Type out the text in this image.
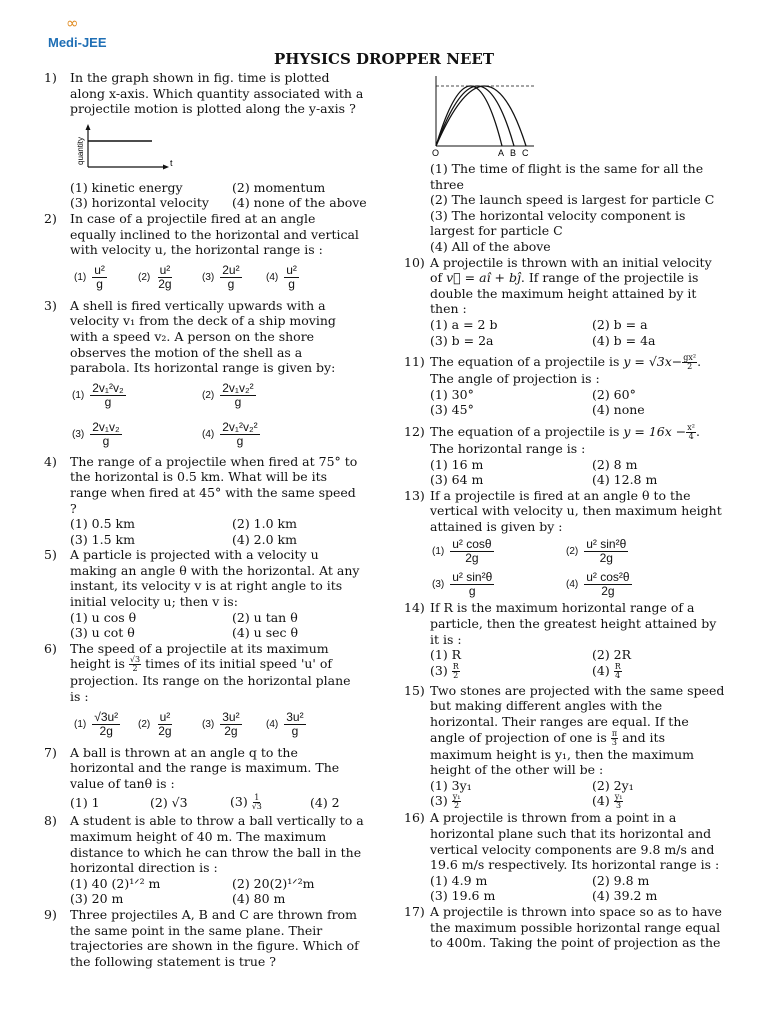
∞
Medi-JEE
PHYSICS DROPPER NEET
1) In the graph shown in fig. time is plotted along x-axis. Which quantity associated with a projectile motion is plotted along the y-axis ?
quantity	t
(1) kinetic energy	(2) momentum
(3) horizontal velocity	(4) none of the above
2) In case of a projectile fired at an angle equally inclined to the horizontal and vertical with velocity u, the horizontal range is :
$(1) \frac{\text{u²}}{g}$	$(2) \frac{\text{u²}}{2g}$	$(3) \frac{\text{2u²}}{g} (4) \frac{\text{u²}}{g}$
3) A shell is fired vertically upwards with a velocity v₁ from the deck of a ship moving with a speed v₂. A person on the shore observes the motion of the shell as a parabola. Its horizontal range is given by:
$(1) \frac{\text{2v₁²v₂}}{g}$	$(2) \frac{\text{2v₁v₂²}}{g}$
$(3) \frac{\text{2v₁v₂}}{g}$	$(4) \frac{\text{2v₁²v₂²}}{g}$
4) The range of a projectile when fired at 75° to the horizontal is 0.5 km. What will be its range when fired at 45° with the same speed ?
(1) 0.5 km	(2) 1.0 km
(3) 1.5 km	(4) 2.0 km
5) A particle is projected with a velocity u making an angle θ with the horizontal. At any instant, its velocity v is at right angle to its initial velocity u; then v is:
(1) u cos θ	(2) u tan θ
(3) u cot θ	(4) u sec θ
6) The speed of a projectile at its maximum height is $\frac{√3}{2}$ times of its initial speed 'u' of projection. Its range on the horizontal plane is :
$(1) \frac{\text{√3u²}}{2g} (2) \frac{\text{u²}}{2g}$	$(3) \frac{\text{3u²}}{2g} (4) \frac{\text{3u²}}{g}$
7) A ball is thrown at an angle q to the horizontal and the range is maximum. The value of tanθ is :
(1) 1	(2) √3	$(3) \frac{1}{√3}$	(4) 2
8) A student is able to throw a ball vertically to a maximum height of 40 m. The maximum distance to which he can throw the ball in the horizontal direction is :
(1) 40 (2)¹ᐟ² m	(2) 20(2)¹ᐟ²m
(3) 20 m	(4) 80 m
9) Three projectiles A, B and C are thrown from the same point in the same plane. Their trajectories are shown in the figure. Which of the following statement is true ?
O	A B C
(1) The time of flight is the same for all the three
(2) The launch speed is largest for particle C
(3) The horizontal velocity component is largest for particle C
(4) All of the above
10) A projectile is thrown with an initial velocity of v⃗ = aî + bĵ. If range of the projectile is double the maximum height attained by it then :
(1) a = 2 b	(2) b = a
(3) b = 2a	(4) b = 4a
11) The equation of a projectile is $y = √3x- \frac{\text{gx²}}{2}$ . The angle of projection is :
(1) 30°	(2) 60°
(3) 45°	(4) none
12) The equation of a projectile is $y = 16x - \frac{\text{x²}}{4}$ . The horizontal range is :
(1) 16 m	(2) 8 m
(3) 64 m	(4) 12.8 m
13) If a projectile is fired at an angle θ to the vertical with velocity u, then maximum height attained is given by :
$(1) \frac{\text{u² cosθ}}{2g}$	$(2) \frac{\text{u² sin²θ}}{2g}$
$(3) \frac{\text{u² sin²θ}}{g}$	$(4) \frac{\text{u² cos²θ}}{2g}$
14) If R is the maximum horizontal range of a particle, then the greatest height attained by it is :
(1) R	(2) 2R
$(3) \frac{R}{2}$	$(4) \frac{R}{4}$
15) Two stones are projected with the same speed but making different angles with the horizontal. Their ranges are equal. If the angle of projection of one is $\frac{\pi}{3}$ and its maximum height is y₁, then the maximum height of the other will be :
(1) 3y₁	(2) 2y₁
$(3) \frac{\text{y₁}}{2}$	$(4) \frac{\text{y₁}}{3}$
16) A projectile is thrown from a point in a horizontal plane such that its horizontal and vertical velocity components are 9.8 m/s and 19.6 m/s respectively. Its horizontal range is :
(1) 4.9 m	(2) 9.8 m
(3) 19.6 m	(4) 39.2 m
17) A projectile is thrown into space so as to have the maximum possible horizontal range equal to 400m. Taking the point of projection as the
